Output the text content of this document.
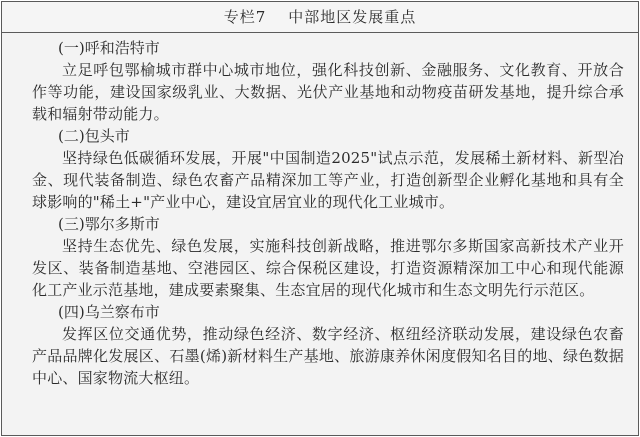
专栏7 中部地区发展重点
(一)呼和浩特市
立足呼包鄂榆城市群中心城市地位，强化科技创新、金融服务、文化教育、开放合作等功能，建设国家级乳业、大数据、光伏产业基地和动物疫苗研发基地，提升综合承载和辐射带动能力。
(二)包头市
坚持绿色低碳循环发展，开展"中国制造2025"试点示范，发展稀土新材料、新型冶金、现代装备制造、绿色农畜产品精深加工等产业，打造创新型企业孵化基地和具有全球影响的"稀土+"产业中心，建设宜居宜业的现代化工业城市。
(三)鄂尔多斯市
坚持生态优先、绿色发展，实施科技创新战略，推进鄂尔多斯国家高新技术产业开发区、装备制造基地、空港园区、综合保税区建设，打造资源精深加工中心和现代能源化工产业示范基地，建成要素聚集、生态宜居的现代化城市和生态文明先行示范区。
(四)乌兰察布市
发挥区位交通优势，推动绿色经济、数字经济、枢纽经济联动发展，建设绿色农畜产品品牌化发展区、石墨(烯)新材料生产基地、旅游康养休闲度假知名目的地、绿色数据中心、国家物流大枢纽。
